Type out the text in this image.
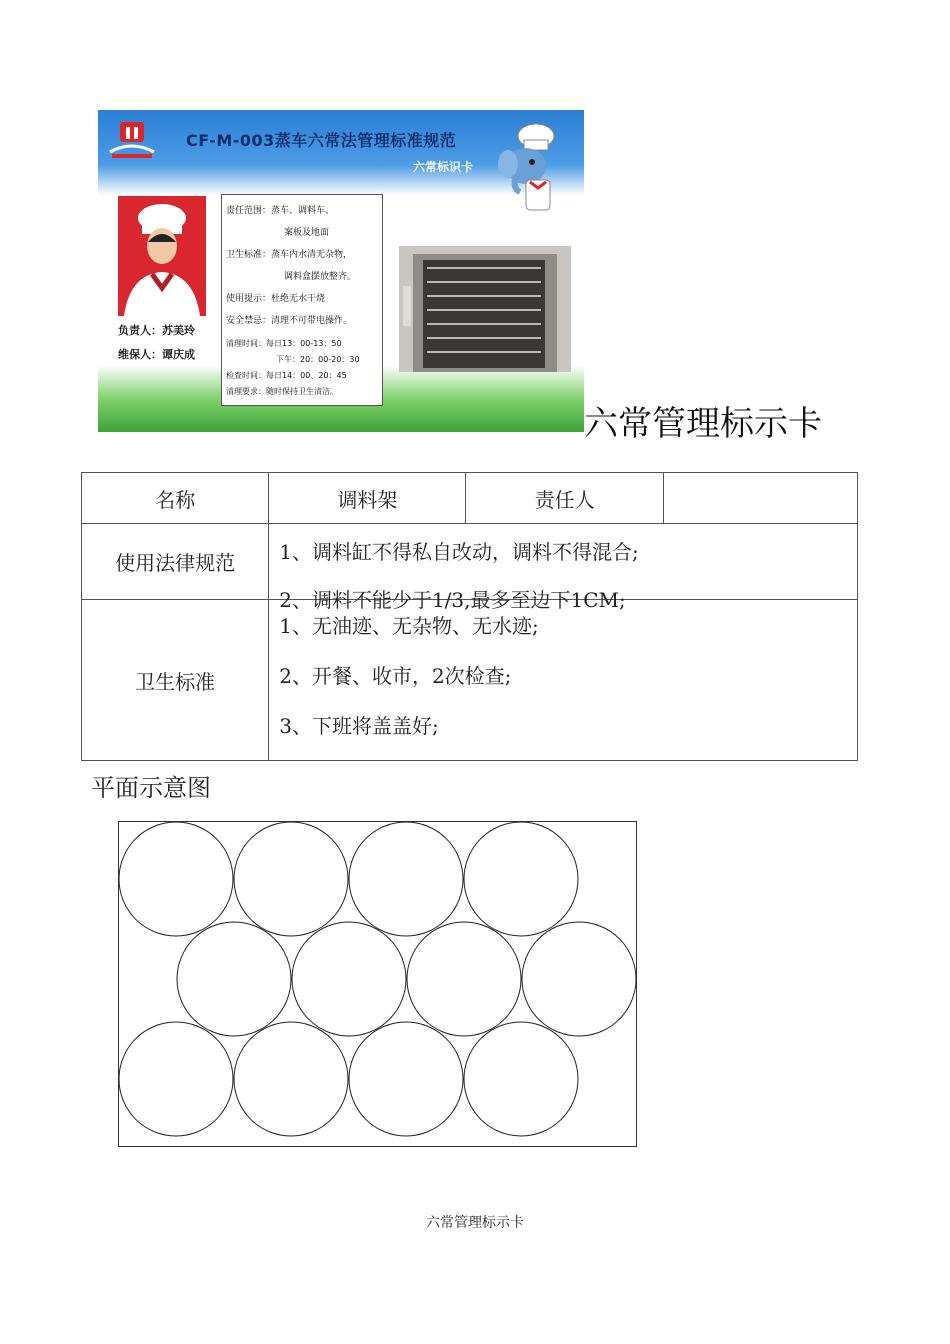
CF-M-003蒸车六常法管理标准规范
六常标识卡
负责人：苏美玲
维保人：谭庆成
责任范围：蒸车、调料车、
案板及地面
卫生标准：蒸车内水清无杂物，
调料盒摆放整齐。
使用提示：杜绝无水干烧
安全禁忌：清理不可带电操作。
清理时间：每日13：00-13：50
下午：20：00-20：30
检查时间：每日14：00、20：45
清理要求：随时保持卫生清洁。
六常管理标示卡
名称	调料架	责任人	
使用法律规范	1、调料缸不得私自改动，调料不得混合;
2、调料不能少于1/3,最多至边下1CM;		

卫生标准	1、无油迹、无杂物、无水迹;
2、开餐、收市，2次检查;
3、下班将盖盖好;		
平面示意图
六常管理标示卡
